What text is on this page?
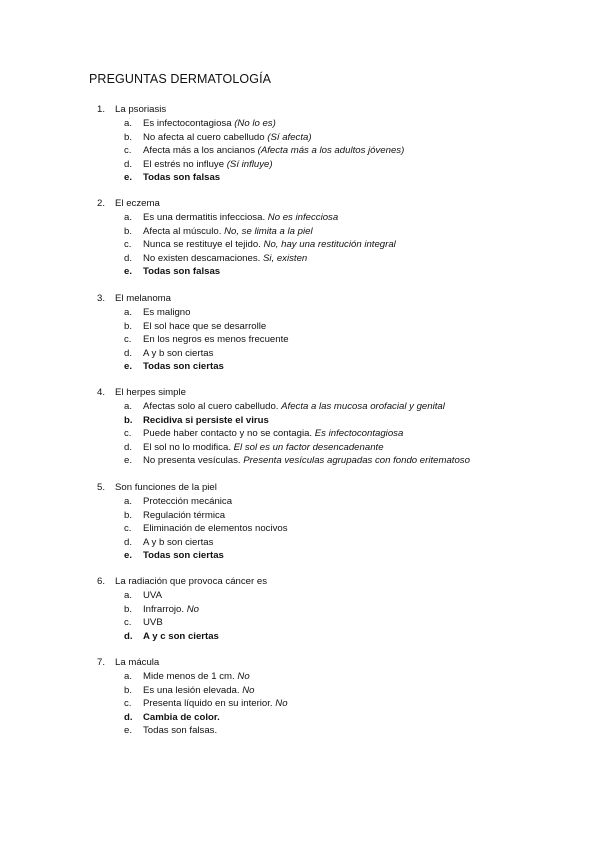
PREGUNTAS DERMATOLOGÍA
1. La psoriasis
a. Es infectocontagiosa (No lo es)
b. No afecta al cuero cabelludo (Sí afecta)
c. Afecta más a los ancianos (Afecta más a los adultos jóvenes)
d. El estrés no influye (Sí influye)
e. Todas son falsas
2. El eczema
a. Es una dermatitis infecciosa. No es infecciosa
b. Afecta al músculo. No, se limita a la piel
c. Nunca se restituye el tejido. No, hay una restitución integral
d. No existen descamaciones. Si, existen
e. Todas son falsas
3. El melanoma
a. Es maligno
b. El sol hace que se desarrolle
c. En los negros es menos frecuente
d. A y b son ciertas
e. Todas son ciertas
4. El herpes simple
a. Afectas solo al cuero cabelludo. Afecta a las mucosa orofacial y genital
b. Recidiva si persiste el virus
c. Puede haber contacto y no se contagia. Es infectocontagiosa
d. El sol no lo modifica. El sol es un factor desencadenante
e. No presenta vesículas. Presenta vesículas agrupadas con fondo eritematoso
5. Son funciones de la piel
a. Protección mecánica
b. Regulación térmica
c. Eliminación de elementos nocivos
d. A y b son ciertas
e. Todas son ciertas
6. La radiación que provoca cáncer es
a. UVA
b. Infrarrojo. No
c. UVB
d. A y c son ciertas
7. La mácula
a. Mide menos de 1 cm. No
b. Es una lesión elevada. No
c. Presenta líquido en su interior. No
d. Cambia de color.
e. Todas son falsas.
